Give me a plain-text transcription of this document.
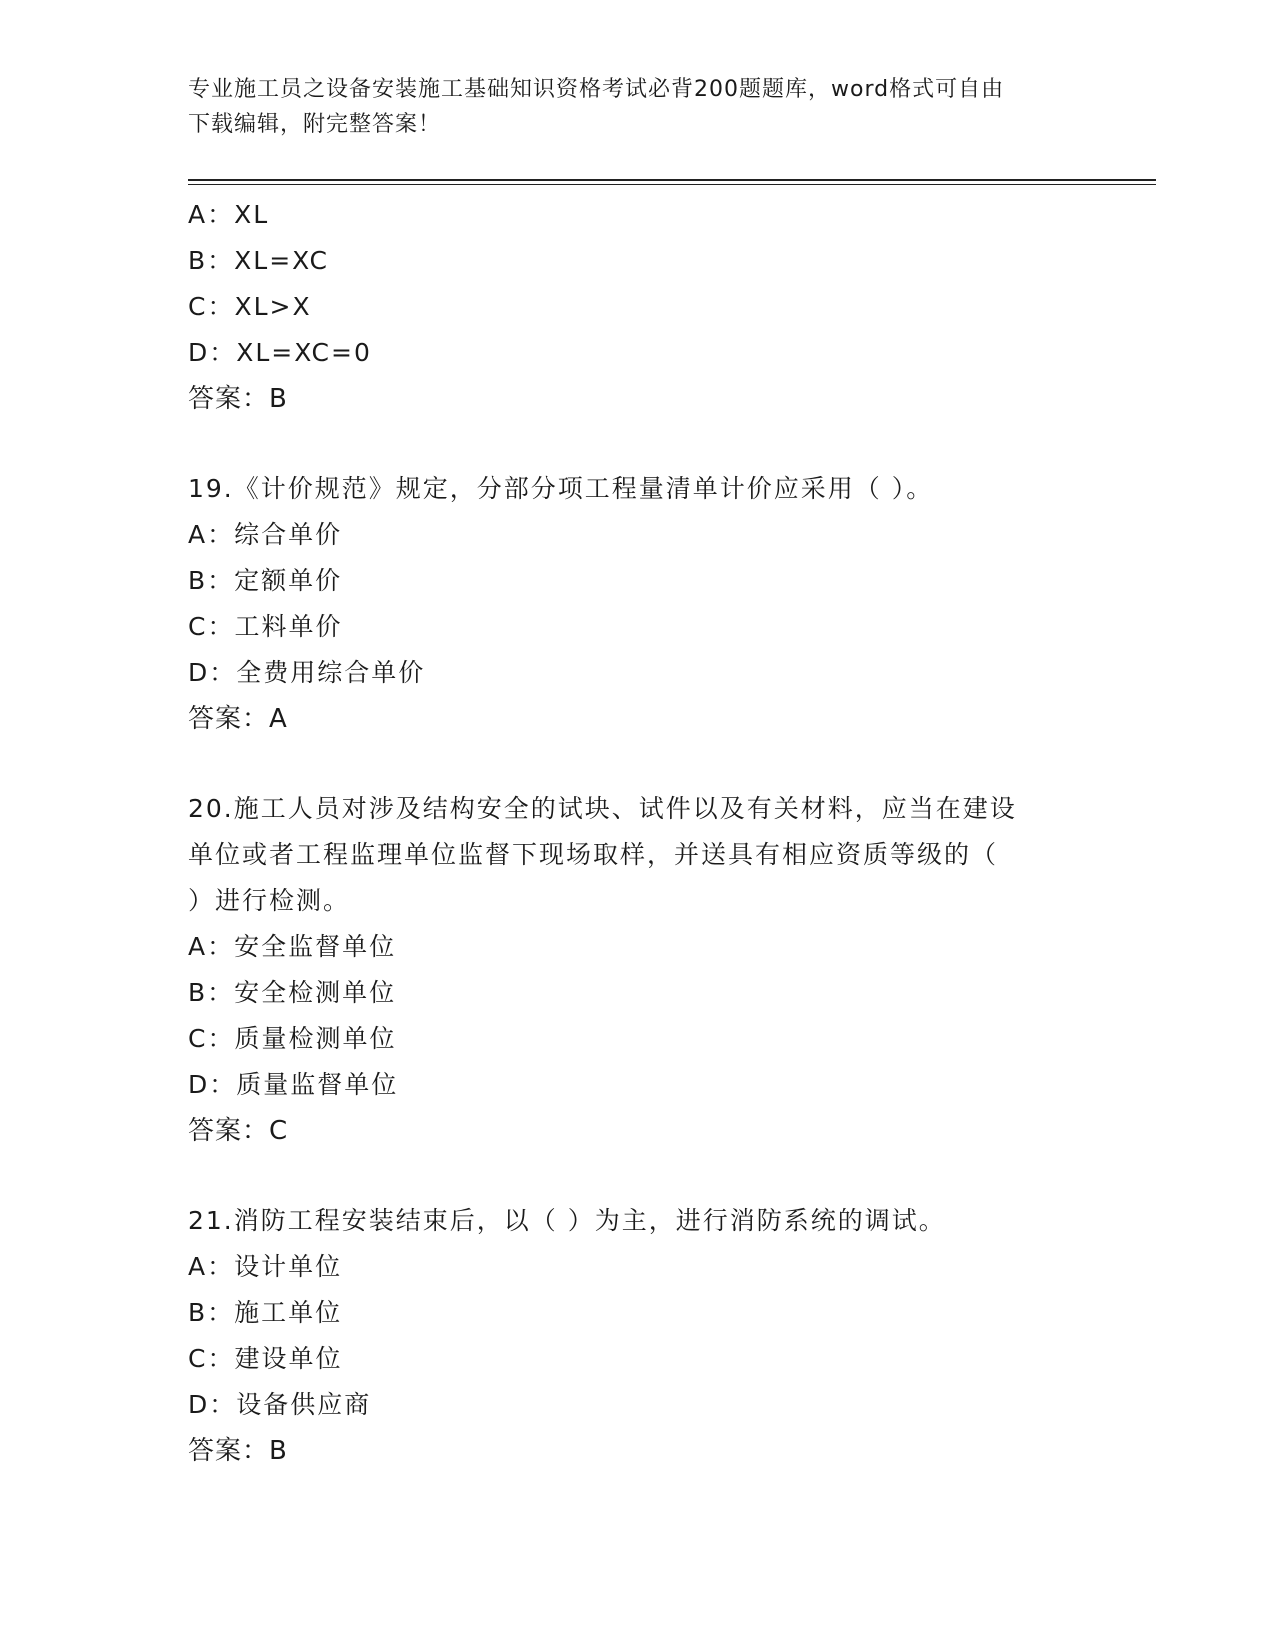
专业施工员之设备安装施工基础知识资格考试必背200题题库，word格式可自由
下载编辑，附完整答案！
A：XL
B：XL=XC
C：XL>X
D：XL=XC=0
答案：B
19.《计价规范》规定，分部分项工程量清单计价应采用（ ）。
A：综合单价
B：定额单价
C：工料单价
D：全费用综合单价
答案：A
20.施工人员对涉及结构安全的试块、试件以及有关材料，应当在建设
单位或者工程监理单位监督下现场取样，并送具有相应资质等级的（
）进行检测。
A：安全监督单位
B：安全检测单位
C：质量检测单位
D：质量监督单位
答案：C
21.消防工程安装结束后，以（ ）为主，进行消防系统的调试。
A：设计单位
B：施工单位
C：建设单位
D：设备供应商
答案：B
